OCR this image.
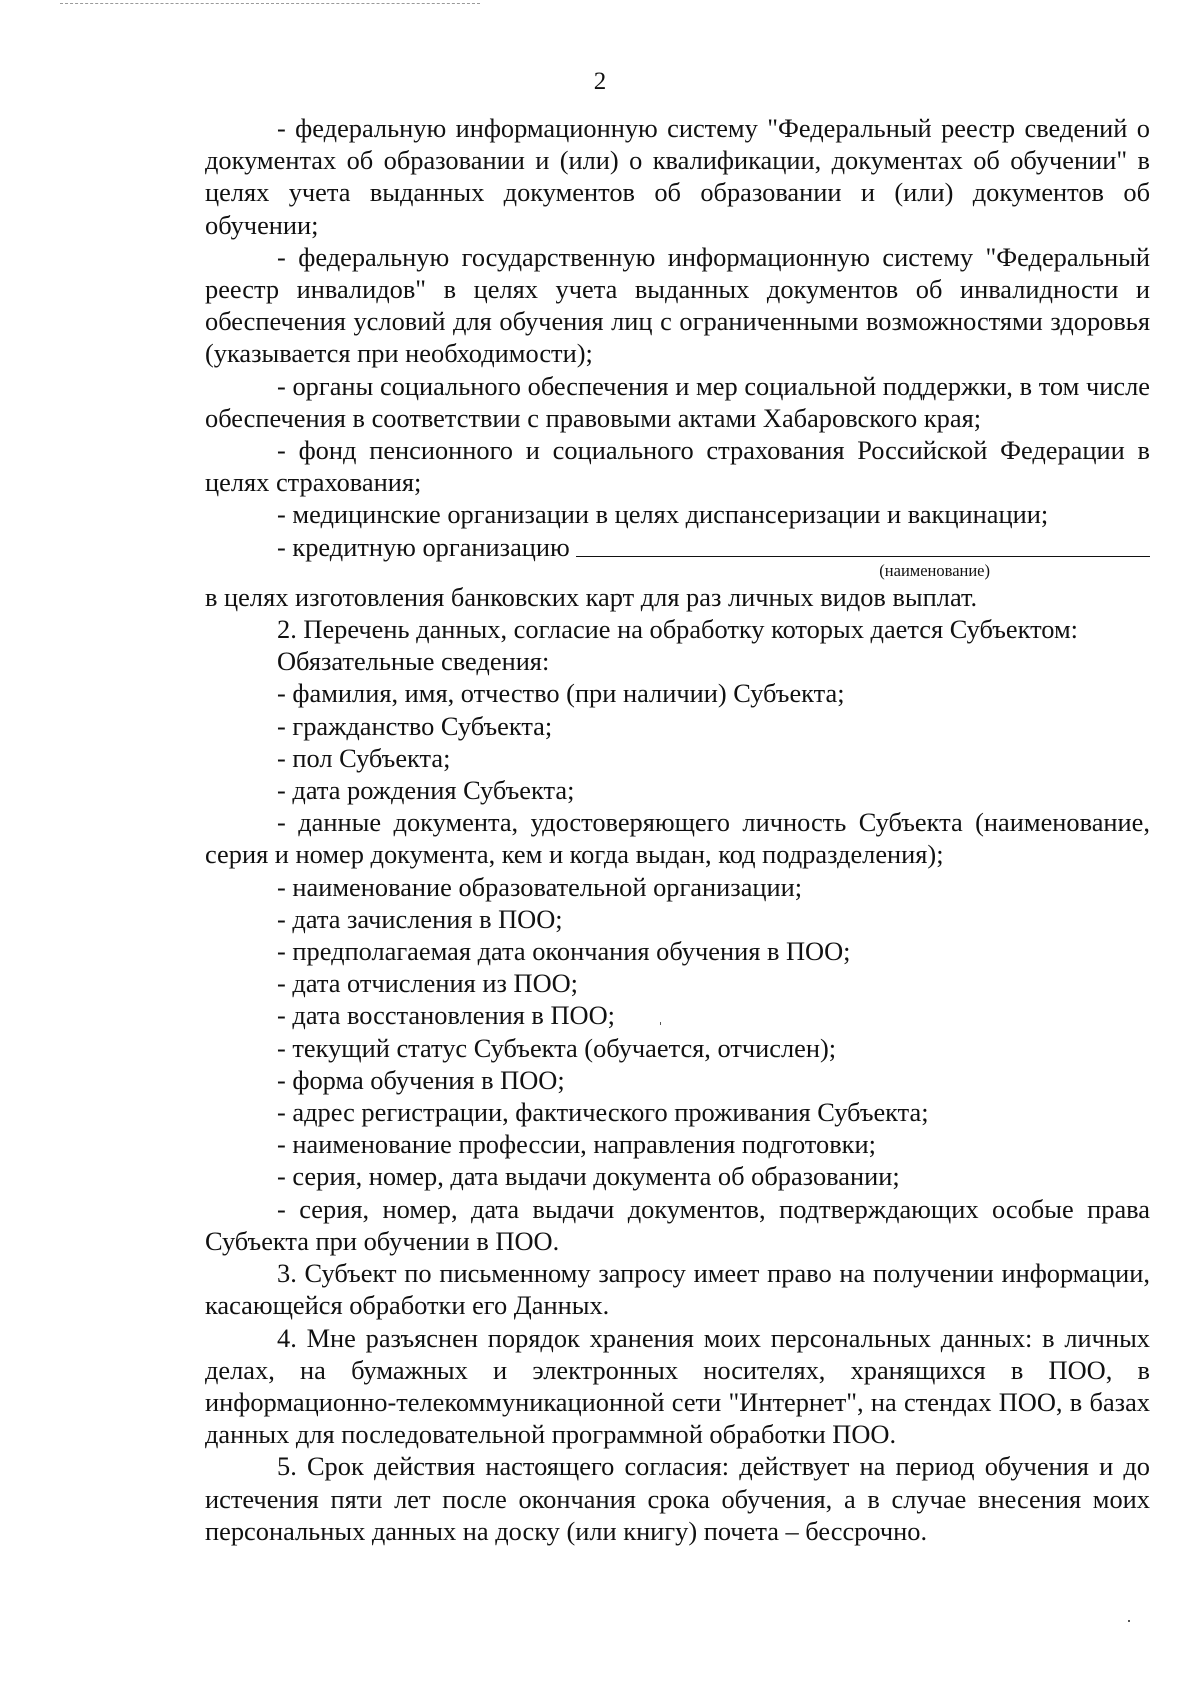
2

- федеральную информационную систему "Федеральный реестр сведений о документах об образовании и (или) о квалификации, документах об обучении" в целях учета выданных документов об образовании и (или) документов об обучении;

- федеральную государственную информационную систему "Федеральный реестр инвалидов" в целях учета выданных документов об инвалидности и обеспечения условий для обучения лиц с ограниченными возможностями здоровья (указывается при необходимости);

- органы социального обеспечения и мер социальной поддержки, в том числе обеспечения в соответствии с правовыми актами Хабаровского края;

- фонд пенсионного и социального страхования Российской Федерации в целях страхования;

- медицинские организации в целях диспансеризации и вакцинации;

- кредитную организацию
(наименование)

в целях изготовления банковских карт для раз личных видов выплат.

2. Перечень данных, согласие на обработку которых дается Субъектом:

Обязательные сведения:

- фамилия, имя, отчество (при наличии) Субъекта;

- гражданство Субъекта;

- пол Субъекта;

- дата рождения Субъекта;

- данные документа, удостоверяющего личность Субъекта (наименование, серия и номер документа, кем и когда выдан, код подразделения);

- наименование образовательной организации;

- дата зачисления в ПОО;

- предполагаемая дата окончания обучения в ПОО;

- дата отчисления из ПОО;

- дата восстановления в ПОО;

- текущий статус Субъекта (обучается, отчислен);

- форма обучения в ПОО;

- адрес регистрации, фактического проживания Субъекта;

- наименование профессии, направления подготовки;

- серия, номер, дата выдачи документа об образовании;

- серия, номер, дата выдачи документов, подтверждающих особые права Субъекта при обучении в ПОО.

3. Субъект по письменному запросу имеет право на получении информации, касающейся обработки его Данных.

4. Мне разъяснен порядок хранения моих персональных данных: в личных делах, на бумажных и электронных носителях, хранящихся в ПОО, в информационно-телекоммуникационной сети "Интернет", на стендах ПОО, в базах данных для последовательной программной обработки ПОО.

5. Срок действия настоящего согласия: действует на период обучения и до истечения пяти лет после окончания срока обучения, а в случае внесения моих персональных данных на доску (или книгу) почета – бессрочно.
